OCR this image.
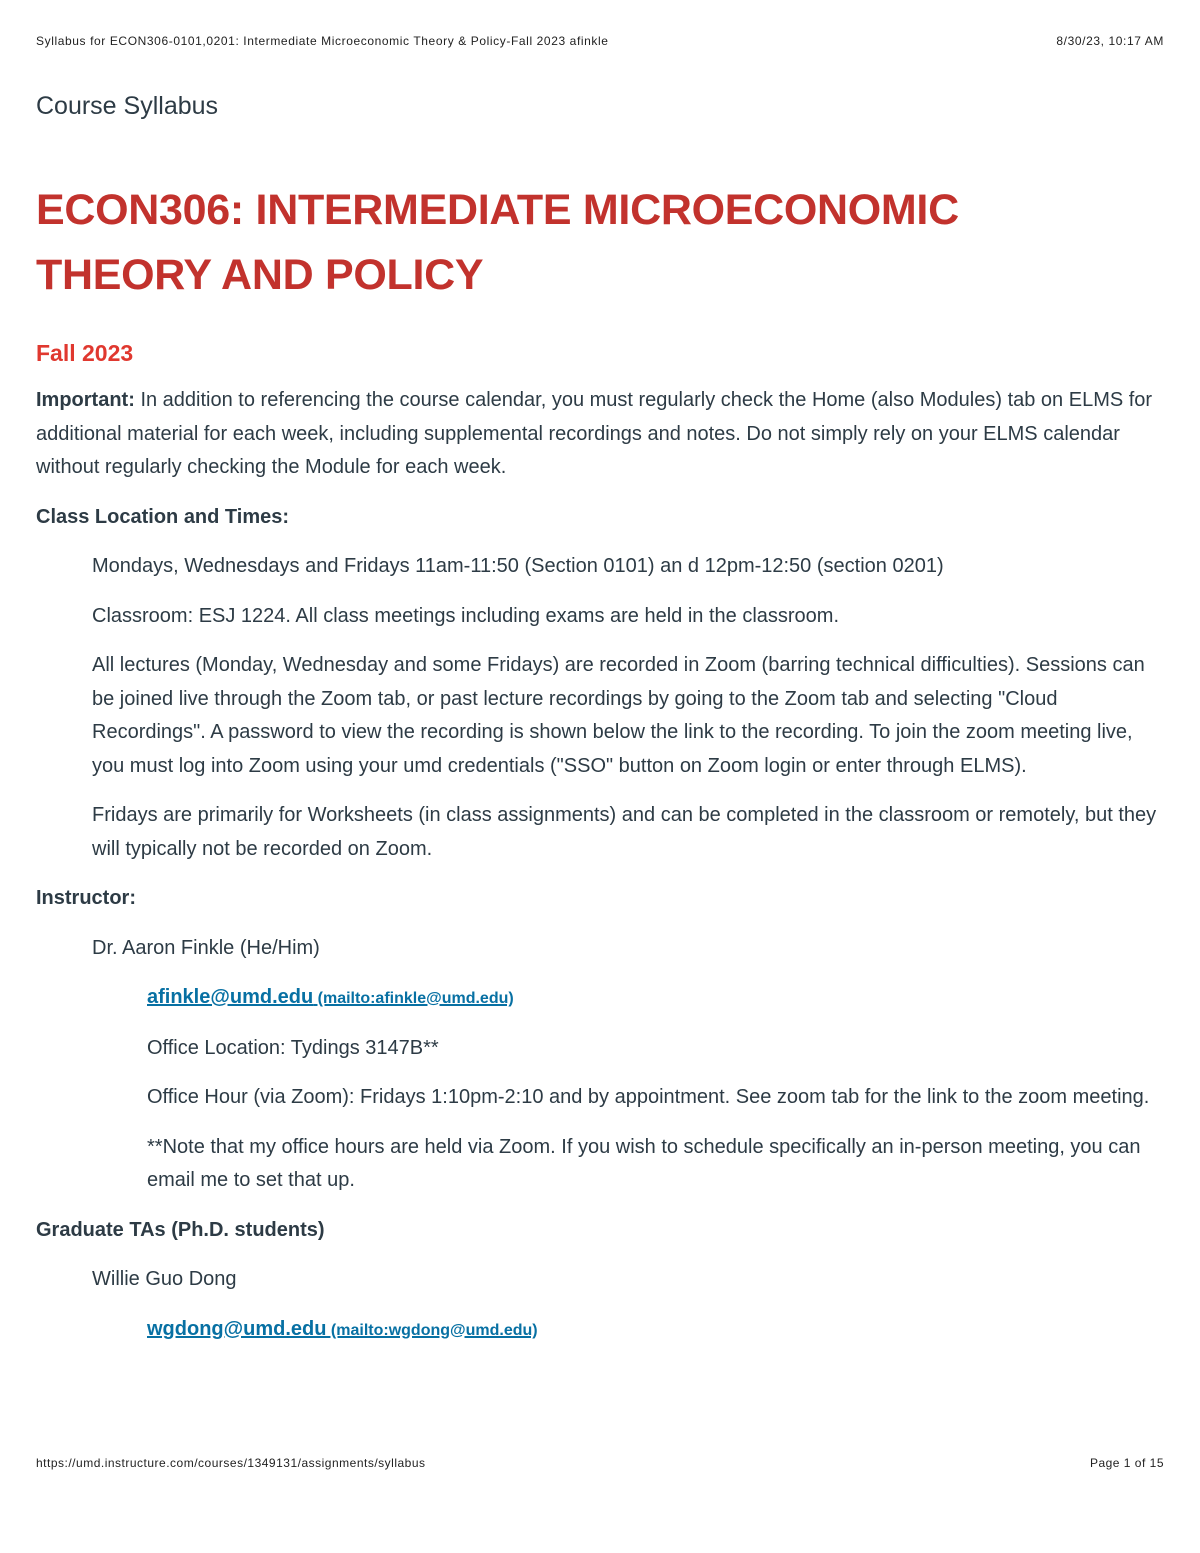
Syllabus for ECON306-0101,0201: Intermediate Microeconomic Theory & Policy-Fall 2023 afinkle	8/30/23, 10:17 AM
Course Syllabus
ECON306: INTERMEDIATE MICROECONOMIC
THEORY AND POLICY
Fall 2023

Important: In addition to referencing the course calendar, you must regularly check the Home (also Modules) tab on ELMS for additional material for each week, including supplemental recordings and notes. Do not simply rely on your ELMS calendar without regularly checking the Module for each week.

Class Location and Times:

Mondays, Wednesdays and Fridays 11am-11:50 (Section 0101) an d 12pm-12:50 (section 0201)

Classroom: ESJ 1224. All class meetings including exams are held in the classroom.

All lectures (Monday, Wednesday and some Fridays) are recorded in Zoom (barring technical difficulties). Sessions can be joined live through the Zoom tab, or past lecture recordings by going to the Zoom tab and selecting "Cloud Recordings". A password to view the recording is shown below the link to the recording. To join the zoom meeting live, you must log into Zoom using your umd credentials ("SSO" button on Zoom login or enter through ELMS).

Fridays are primarily for Worksheets (in class assignments) and can be completed in the classroom or remotely, but they will typically not be recorded on Zoom.

Instructor:

Dr. Aaron Finkle (He/Him)

afinkle@umd.edu (mailto:afinkle@umd.edu)

Office Location: Tydings 3147B**

Office Hour (via Zoom): Fridays 1:10pm-2:10 and by appointment. See zoom tab for the link to the zoom meeting.

**Note that my office hours are held via Zoom. If you wish to schedule specifically an in-person meeting, you can email me to set that up.

Graduate TAs (Ph.D. students)

Willie Guo Dong

wgdong@umd.edu (mailto:wgdong@umd.edu)

https://umd.instructure.com/courses/1349131/assignments/syllabus	Page 1 of 15
